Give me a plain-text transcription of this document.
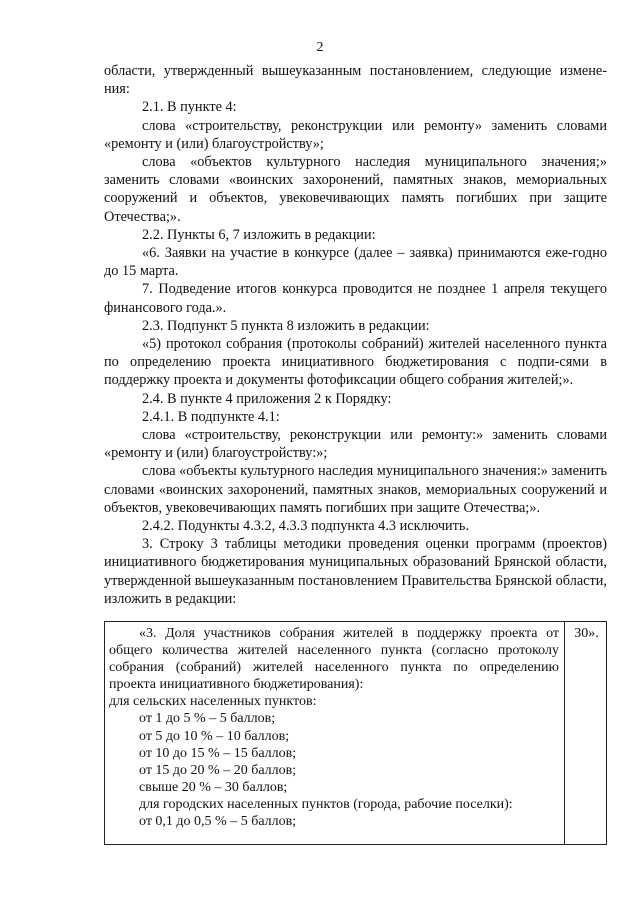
2

области, утвержденный вышеуказанным постановлением, следующие измене-ния:

2.1. В пункте 4:

слова «строительству, реконструкции или ремонту» заменить словами «ремонту и (или) благоустройству»;

слова «объектов культурного наследия муниципального значения;» заменить словами «воинских захоронений, памятных знаков, мемориальных сооружений и объектов, увековечивающих память погибших при защите Отечества;».

2.2. Пункты 6, 7 изложить в редакции:

«6. Заявки на участие в конкурсе (далее – заявка) принимаются еже-годно до 15 марта.

7. Подведение итогов конкурса проводится не позднее 1 апреля текущего финансового года.».

2.3. Подпункт 5 пункта 8 изложить в редакции:

«5) протокол собрания (протоколы собраний) жителей населенного пункта по определению проекта инициативного бюджетирования с подпи-сями в поддержку проекта и документы фотофиксации общего собрания жителей;».

2.4. В пункте 4 приложения 2 к Порядку:

2.4.1. В подпункте 4.1:

слова «строительству, реконструкции или ремонту:» заменить словами «ремонту и (или) благоустройству:»;

слова «объекты культурного наследия муниципального значения:» заменить словами «воинских захоронений, памятных знаков, мемориальных сооружений и объектов, увековечивающих память погибших при защите Отечества;».

2.4.2. Подункты 4.3.2, 4.3.3 подпункта 4.3 исключить.

3. Строку 3 таблицы методики проведения оценки программ (проектов) инициативного бюджетирования муниципальных образований Брянской области, утвержденной вышеуказанным постановлением Правительства Брянской области, изложить в редакции:

«3. Доля участников собрания жителей в поддержку проекта от общего количества жителей населенного пункта (согласно протоколу собрания (собраний) жителей населенного пункта по определению проекта инициативного бюджетирования):

для сельских населенных пунктов:

от 1 до 5 % – 5 баллов;

от 5 до 10 % – 10 баллов;

от 10 до 15 % – 15 баллов;

от 15 до 20 % – 20 баллов;

свыше 20 % – 30 баллов;

для городских населенных пунктов (города, рабочие поселки):

от 0,1 до 0,5 % – 5 баллов;

30».
